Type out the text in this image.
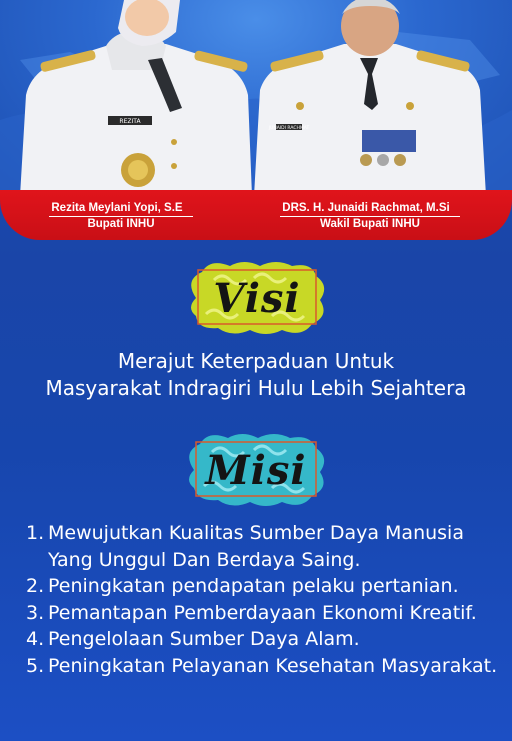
REZITA
JUNAIDI RACHMAT
Rezita Meylani Yopi, S.E
Bupati INHU
DRS. H. Junaidi Rachmat, M.Si
Wakil Bupati INHU
Visi
Merajut Keterpaduan Untuk
Masyarakat Indragiri Hulu Lebih Sejahtera
Misi
1. Mewujutkan Kualitas Sumber Daya Manusia Yang Unggul Dan Berdaya Saing.
2. Peningkatan pendapatan pelaku pertanian.
3. Pemantapan Pemberdayaan Ekonomi Kreatif.
4. Pengelolaan Sumber Daya Alam.
5. Peningkatan Pelayanan Kesehatan Masyarakat.
